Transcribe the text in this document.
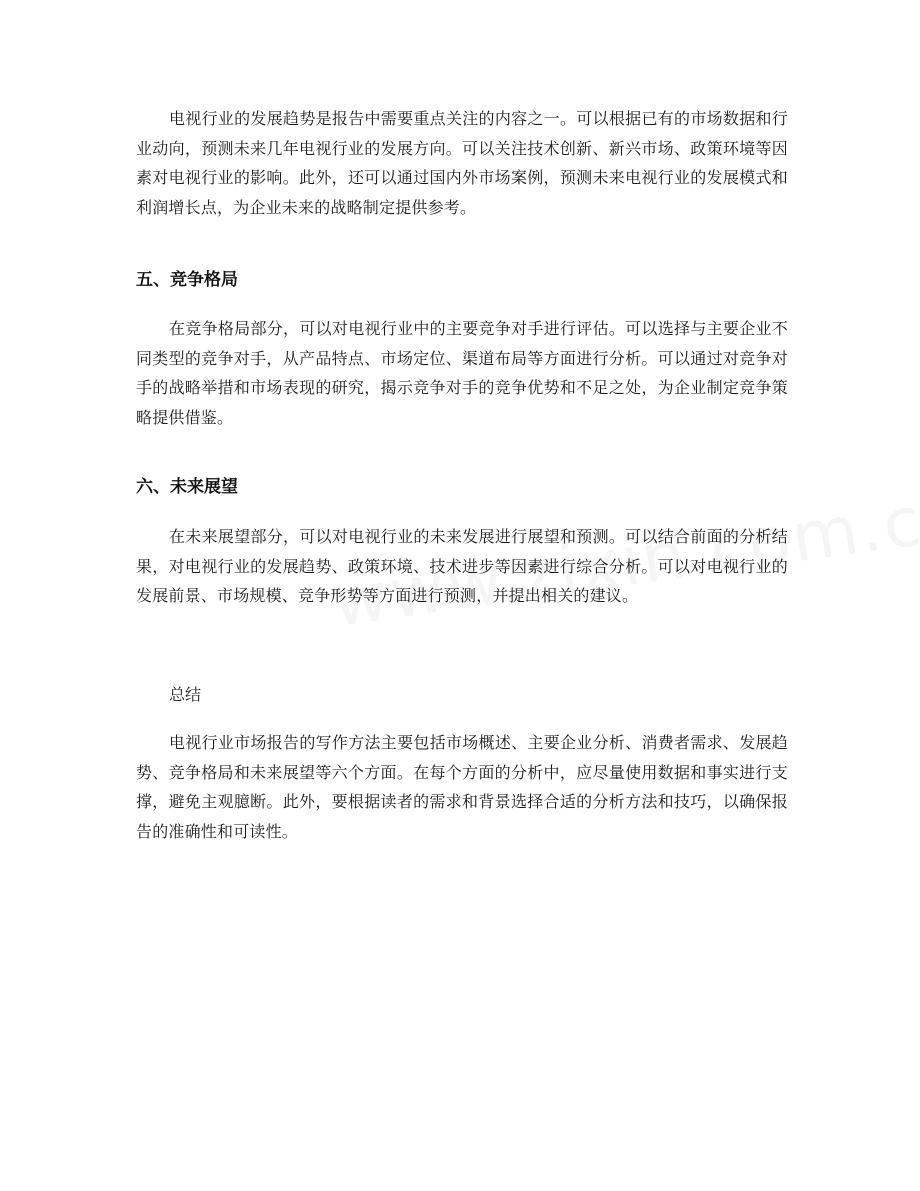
电视行业的发展趋势是报告中需要重点关注的内容之一。可以根据已有的市场数据和行业动向，预测未来几年电视行业的发展方向。可以关注技术创新、新兴市场、政策环境等因素对电视行业的影响。此外，还可以通过国内外市场案例，预测未来电视行业的发展模式和利润增长点，为企业未来的战略制定提供参考。

五、竞争格局

在竞争格局部分，可以对电视行业中的主要竞争对手进行评估。可以选择与主要企业不同类型的竞争对手，从产品特点、市场定位、渠道布局等方面进行分析。可以通过对竞争对手的战略举措和市场表现的研究，揭示竞争对手的竞争优势和不足之处，为企业制定竞争策略提供借鉴。

六、未来展望

在未来展望部分，可以对电视行业的未来发展进行展望和预测。可以结合前面的分析结果，对电视行业的发展趋势、政策环境、技术进步等因素进行综合分析。可以对电视行业的发展前景、市场规模、竞争形势等方面进行预测，并提出相关的建议。

总结

电视行业市场报告的写作方法主要包括市场概述、主要企业分析、消费者需求、发展趋势、竞争格局和未来展望等六个方面。在每个方面的分析中，应尽量使用数据和事实进行支撑，避免主观臆断。此外，要根据读者的需求和背景选择合适的分析方法和技巧，以确保报告的准确性和可读性。
